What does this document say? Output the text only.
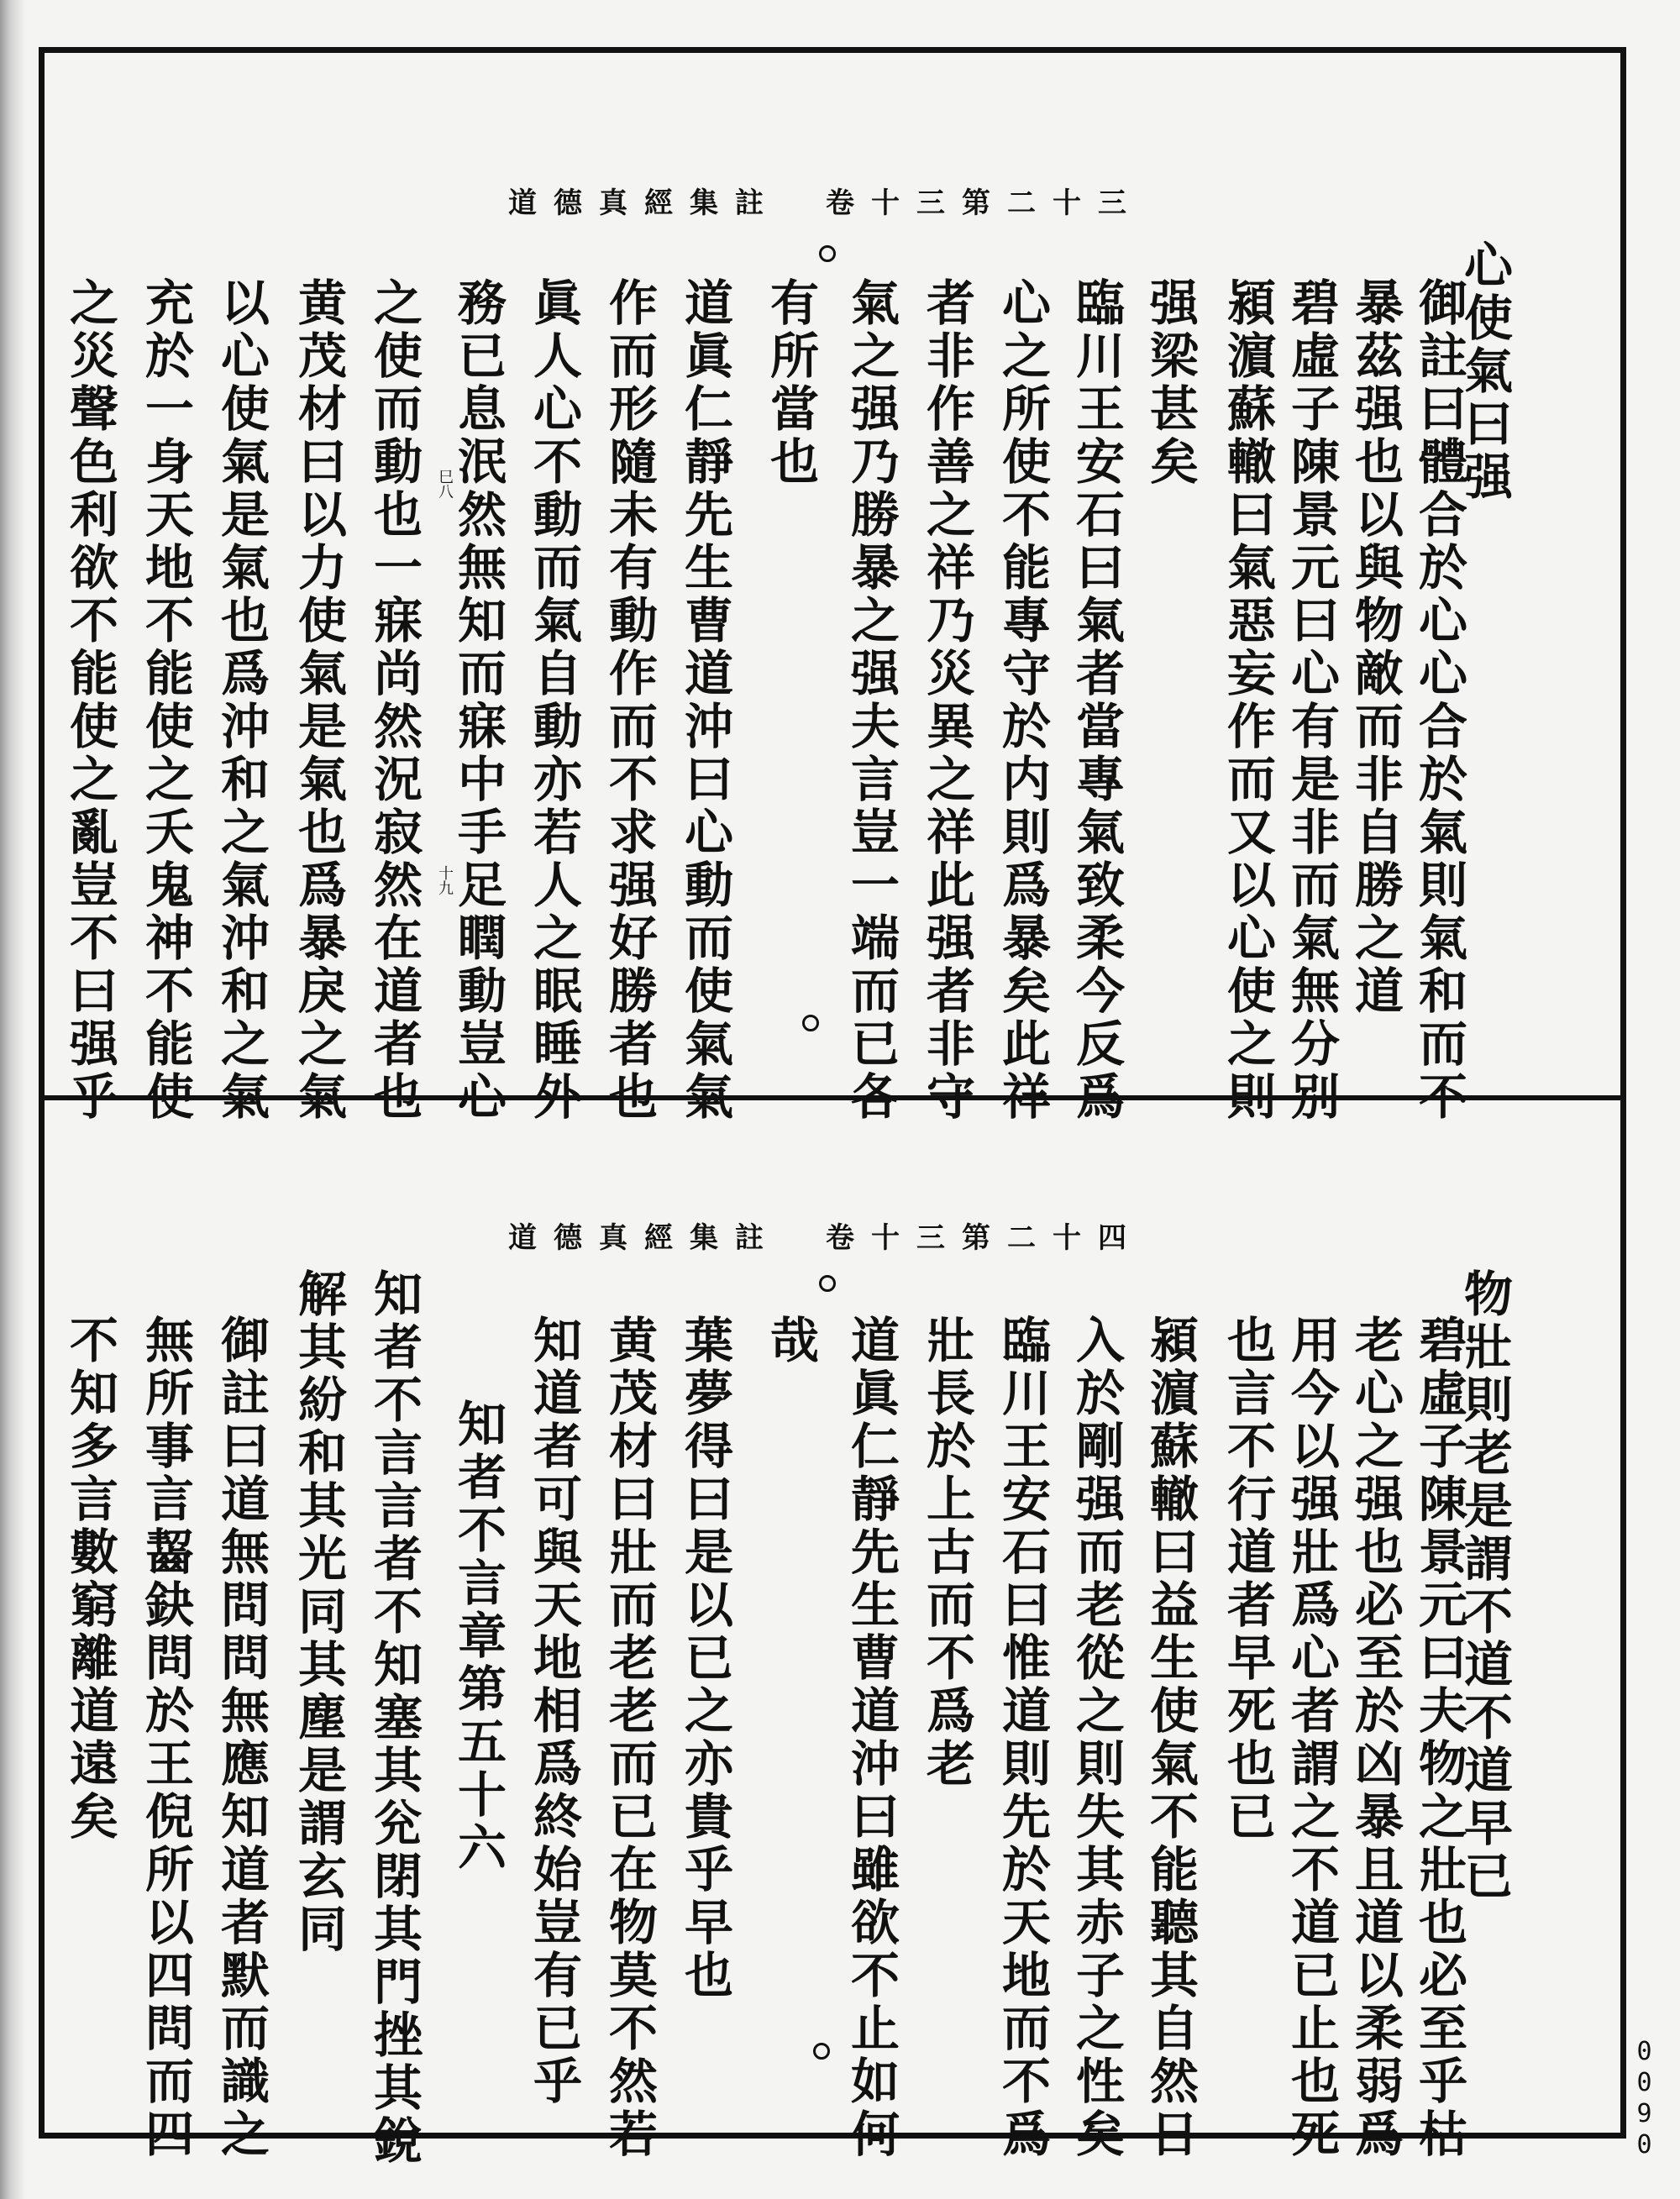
道德真經集註　卷十三第二十三
心使氣曰强
御註曰體合於心心合於氣則氣和而不
暴茲强也以與物敵而非自勝之道
碧虛子陳景元曰心有是非而氣無分别
潁濵蘇轍曰氣惡妄作而又以心使之則
强梁甚矣
臨川王安石曰氣者當專氣致柔今反爲
心之所使不能專守於内則爲暴矣此祥
者非作善之祥乃災異之祥此强者非守
氣之强乃勝暴之强夫言豈一端而已各
有所當也
道眞仁靜先生曹道沖曰心動而使氣氣
作而形隨未有動作而不求强好勝者也
眞人心不動而氣自動亦若人之眠睡外
務已息泯然無知而寐中手足瞤動豈心
之使而動也一寐尚然況寂然在道者也
黄茂材曰以力使氣是氣也爲暴戾之氣
以心使氣是氣也爲沖和之氣沖和之氣
充於一身天地不能使之夭鬼神不能使
之災聲色利欲不能使之亂豈不曰强乎	巳八
十九
道德真經集註　卷十三第二十四
物壯則老是謂不道不道早已
碧虛子陳景元曰夫物之壯也必至乎枯
老心之强也必至於凶暴且道以柔弱爲
用今以强壯爲心者謂之不道已止也死
也言不行道者早死也已
潁濵蘇轍曰益生使氣不能聽其自然日
入於剛强而老從之則失其赤子之性矣
臨川王安石曰惟道則先於天地而不爲
壯長於上古而不爲老
道眞仁靜先生曹道沖曰雖欲不止如何
哉
葉夢得曰是以已之亦貴乎早也
黄茂材曰壯而老老而已在物莫不然若
知道者可與天地相爲終始豈有已乎
知者不言章第五十六
知者不言言者不知塞其兊閉其門挫其銳
解其紛和其光同其塵是謂玄同
御註曰道無問問無應知道者默而識之
無所事言齧鈌問於王倪所以四問而四
不知多言數窮離道遠矣
0090
